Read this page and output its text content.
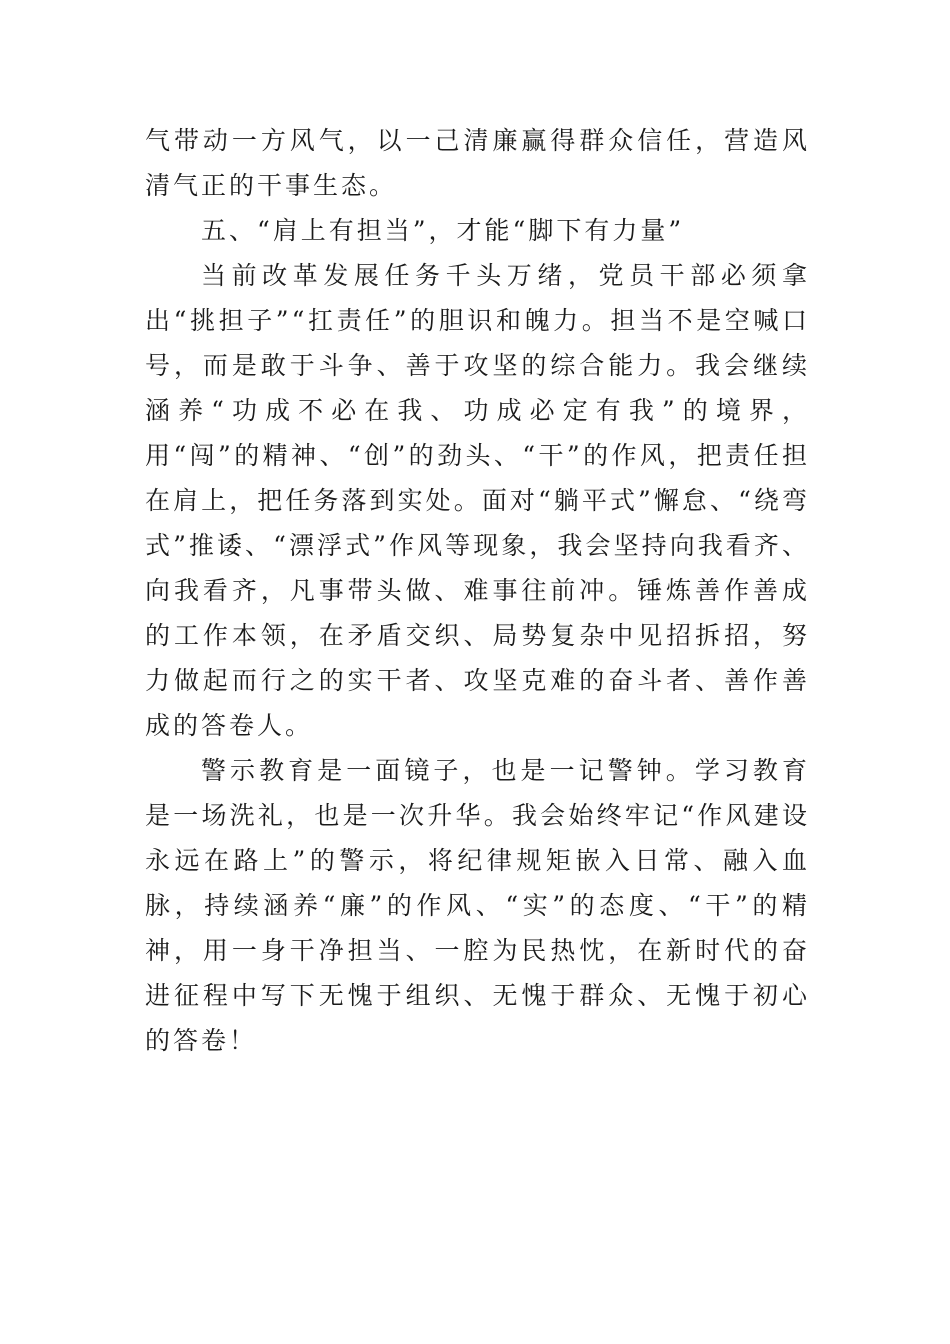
气带动一方风气，以一己清廉赢得群众信任，营造风清气正的干事生态。

五、“肩上有担当”，才能“脚下有力量”

当前改革发展任务千头万绪，党员干部必须拿出“挑担子”“扛责任”的胆识和魄力。担当不是空喊口号，而是敢于斗争、善于攻坚的综合能力。我会继续涵养“功成不必在我、功成必定有我”的境界，用“闯”的精神、“创”的劲头、“干”的作风，把责任担在肩上，把任务落到实处。面对“躺平式”懈怠、“绕弯式”推诿、“漂浮式”作风等现象，我会坚持向我看齐、向我看齐，凡事带头做、难事往前冲。锤炼善作善成的工作本领，在矛盾交织、局势复杂中见招拆招，努力做起而行之的实干者、攻坚克难的奋斗者、善作善成的答卷人。

警示教育是一面镜子，也是一记警钟。学习教育是一场洗礼，也是一次升华。我会始终牢记“作风建设永远在路上”的警示，将纪律规矩嵌入日常、融入血脉，持续涵养“廉”的作风、“实”的态度、“干”的精神，用一身干净担当、一腔为民热忱，在新时代的奋进征程中写下无愧于组织、无愧于群众、无愧于初心的答卷！
